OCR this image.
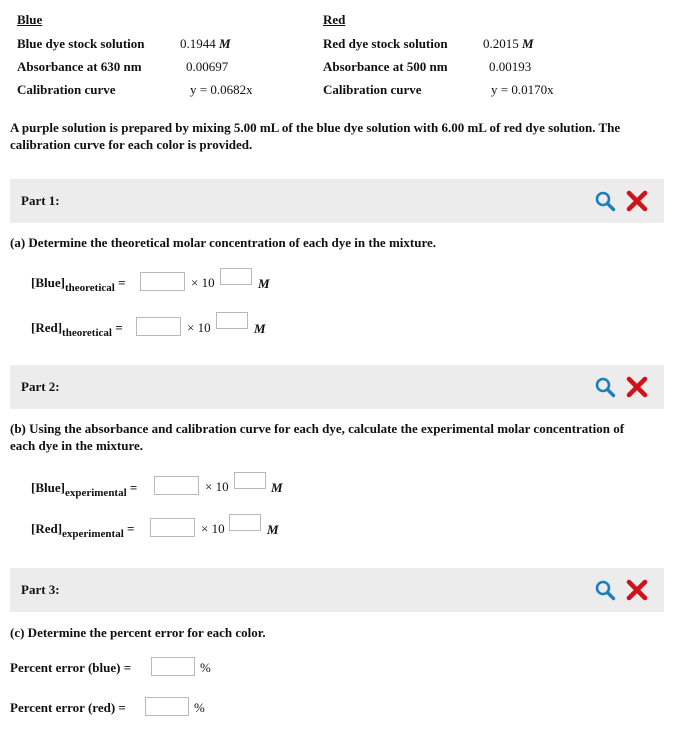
Blue	Red
Blue dye stock solution	0.1944 M
Absorbance at 630 nm	0.00697
Calibration curve	y = 0.0682x
Red dye stock solution	0.2015 M
Absorbance at 500 nm	0.00193
Calibration curve	y = 0.0170x
A purple solution is prepared by mixing 5.00 mL of the blue dye solution with 6.00 mL of red dye solution. The calibration curve for each color is provided.
Part 1:
(a) Determine the theoretical molar concentration of each dye in the mixture.
$[Blue]_{theoretical}$ =	× 10	M
$[Red]_{theoretical}$ =	× 10	M
Part 2:
(b) Using the absorbance and calibration curve for each dye, calculate the experimental molar concentration of each dye in the mixture.
$[Blue]_{experimental}$ =	× 10	M
$[Red]_{experimental}$ =	× 10	M
Part 3:
(c) Determine the percent error for each color.
Percent error (blue) =	%
Percent error (red) =	%
